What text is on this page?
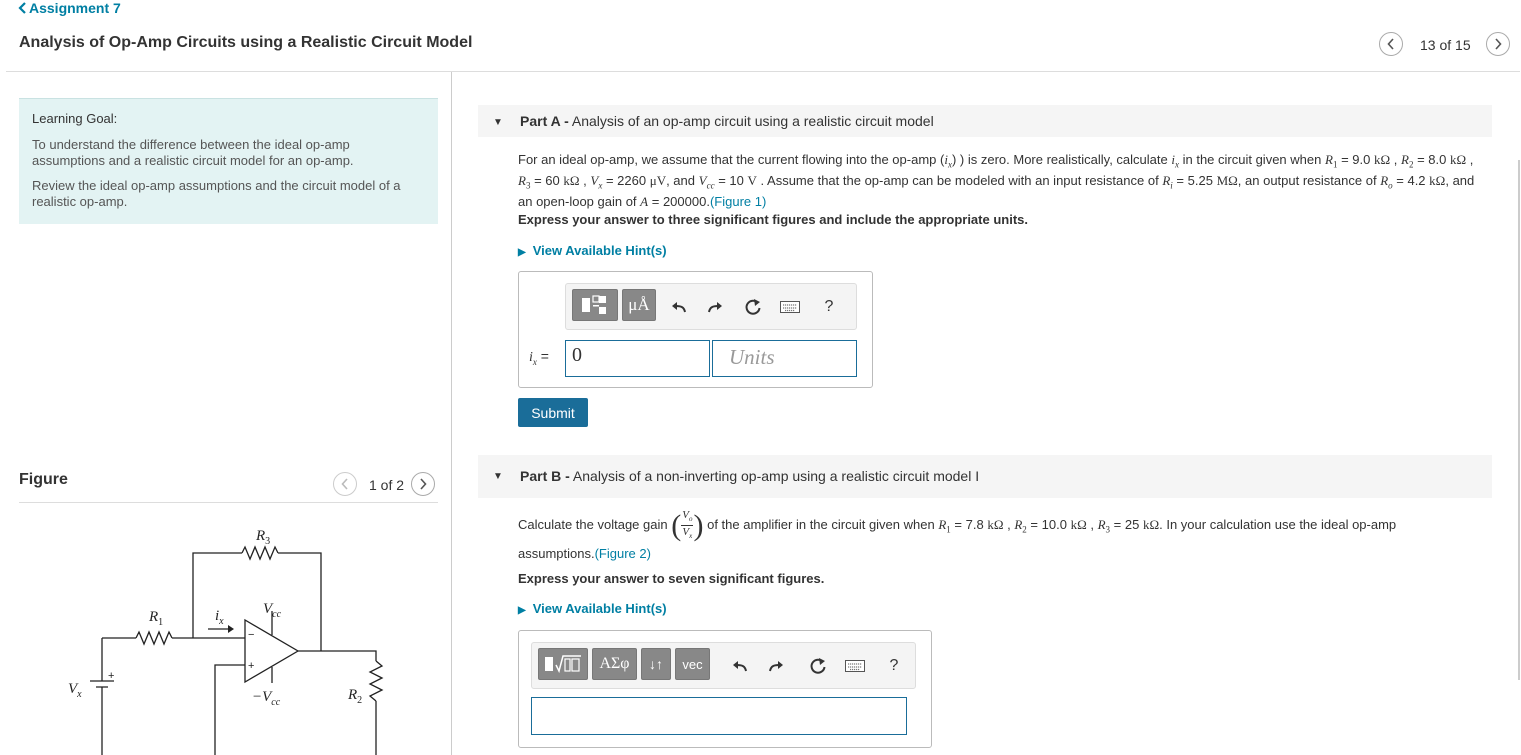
Assignment 7
Analysis of Op-Amp Circuits using a Realistic Circuit Model	13 of 15
Learning Goal:

To understand the difference between the ideal op-amp assumptions and a realistic circuit model for an op-amp.

Review the ideal op-amp assumptions and the circuit model of a realistic op-amp.

Figure	1 of 2
$R_3$
$R_1$	$i_x$
$V_{cc}$
$-V_{cc}$	$R_2$
$V_x$
+
−
+
▼ Part A - Analysis of an op-amp circuit using a realistic circuit model
For an ideal op-amp, we assume that the current flowing into the op-amp $(i_x)$ ) is zero. More realistically, calculate $i_x$ in the circuit given when $R_1 = 9.0$ kΩ , $R_2 = 8.0$ kΩ , $R_3 = 60$ kΩ , $V_x = 2260$ μV, and $V_{cc} = 10$ V . Assume that the op-amp can be modeled with an input resistance of $R_i = 5.25$ MΩ, an output resistance of $R_o = 4.2$ kΩ, and an open-loop gain of A = 200000.(Figure 1)
Express your answer to three significant figures and include the appropriate units.
▶ View Available Hint(s)
μÅ	?
$i_x$ =	0	Units
Submit
▼ Part B - Analysis of a non-inverting op-amp using a realistic circuit model I
Calculate the voltage gain ( $\frac{V_o}{V_x}$ ) of the amplifier in the circuit given when $R_1 = 7.8$ kΩ , $R_2 = 10.0$ kΩ , $R_3 = 25$ kΩ. In your calculation use the ideal op-amp
assumptions.(Figure 2)
Express your answer to seven significant figures.
▶ View Available Hint(s)
ΑΣφ	↓↑	vec	?
